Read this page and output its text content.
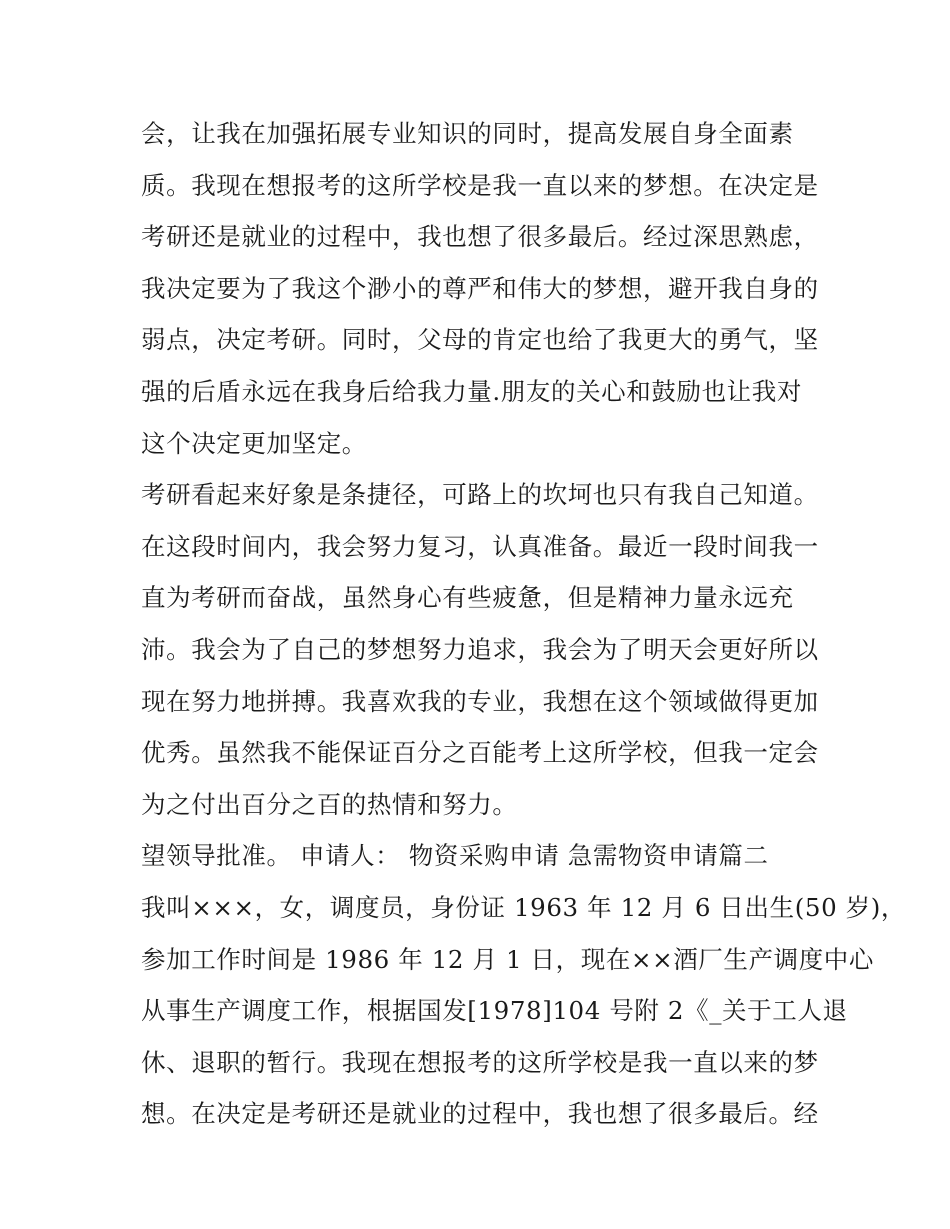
会，让我在加强拓展专业知识的同时，提高发展自身全面素
质。我现在想报考的这所学校是我一直以来的梦想。在决定是
考研还是就业的过程中，我也想了很多最后。经过深思熟虑，
我决定要为了我这个渺小的尊严和伟大的梦想，避开我自身的
弱点，决定考研。同时，父母的肯定也给了我更大的勇气，坚
强的后盾永远在我身后给我力量.朋友的关心和鼓励也让我对
这个决定更加坚定。
考研看起来好象是条捷径，可路上的坎坷也只有我自己知道。
在这段时间内，我会努力复习，认真准备。最近一段时间我一
直为考研而奋战，虽然身心有些疲惫，但是精神力量永远充
沛。我会为了自己的梦想努力追求，我会为了明天会更好所以
现在努力地拼搏。我喜欢我的专业，我想在这个领域做得更加
优秀。虽然我不能保证百分之百能考上这所学校，但我一定会
为之付出百分之百的热情和努力。
望领导批准。 申请人： 物资采购申请 急需物资申请篇二
我叫×××，女，调度员，身份证 1963 年 12 月 6 日出生(50 岁)，
参加工作时间是 1986 年 12 月 1 日，现在××酒厂生产调度中心
从事生产调度工作，根据国发[1978]104 号附 2《_关于工人退
休、退职的暂行。我现在想报考的这所学校是我一直以来的梦
想。在决定是考研还是就业的过程中，我也想了很多最后。经
